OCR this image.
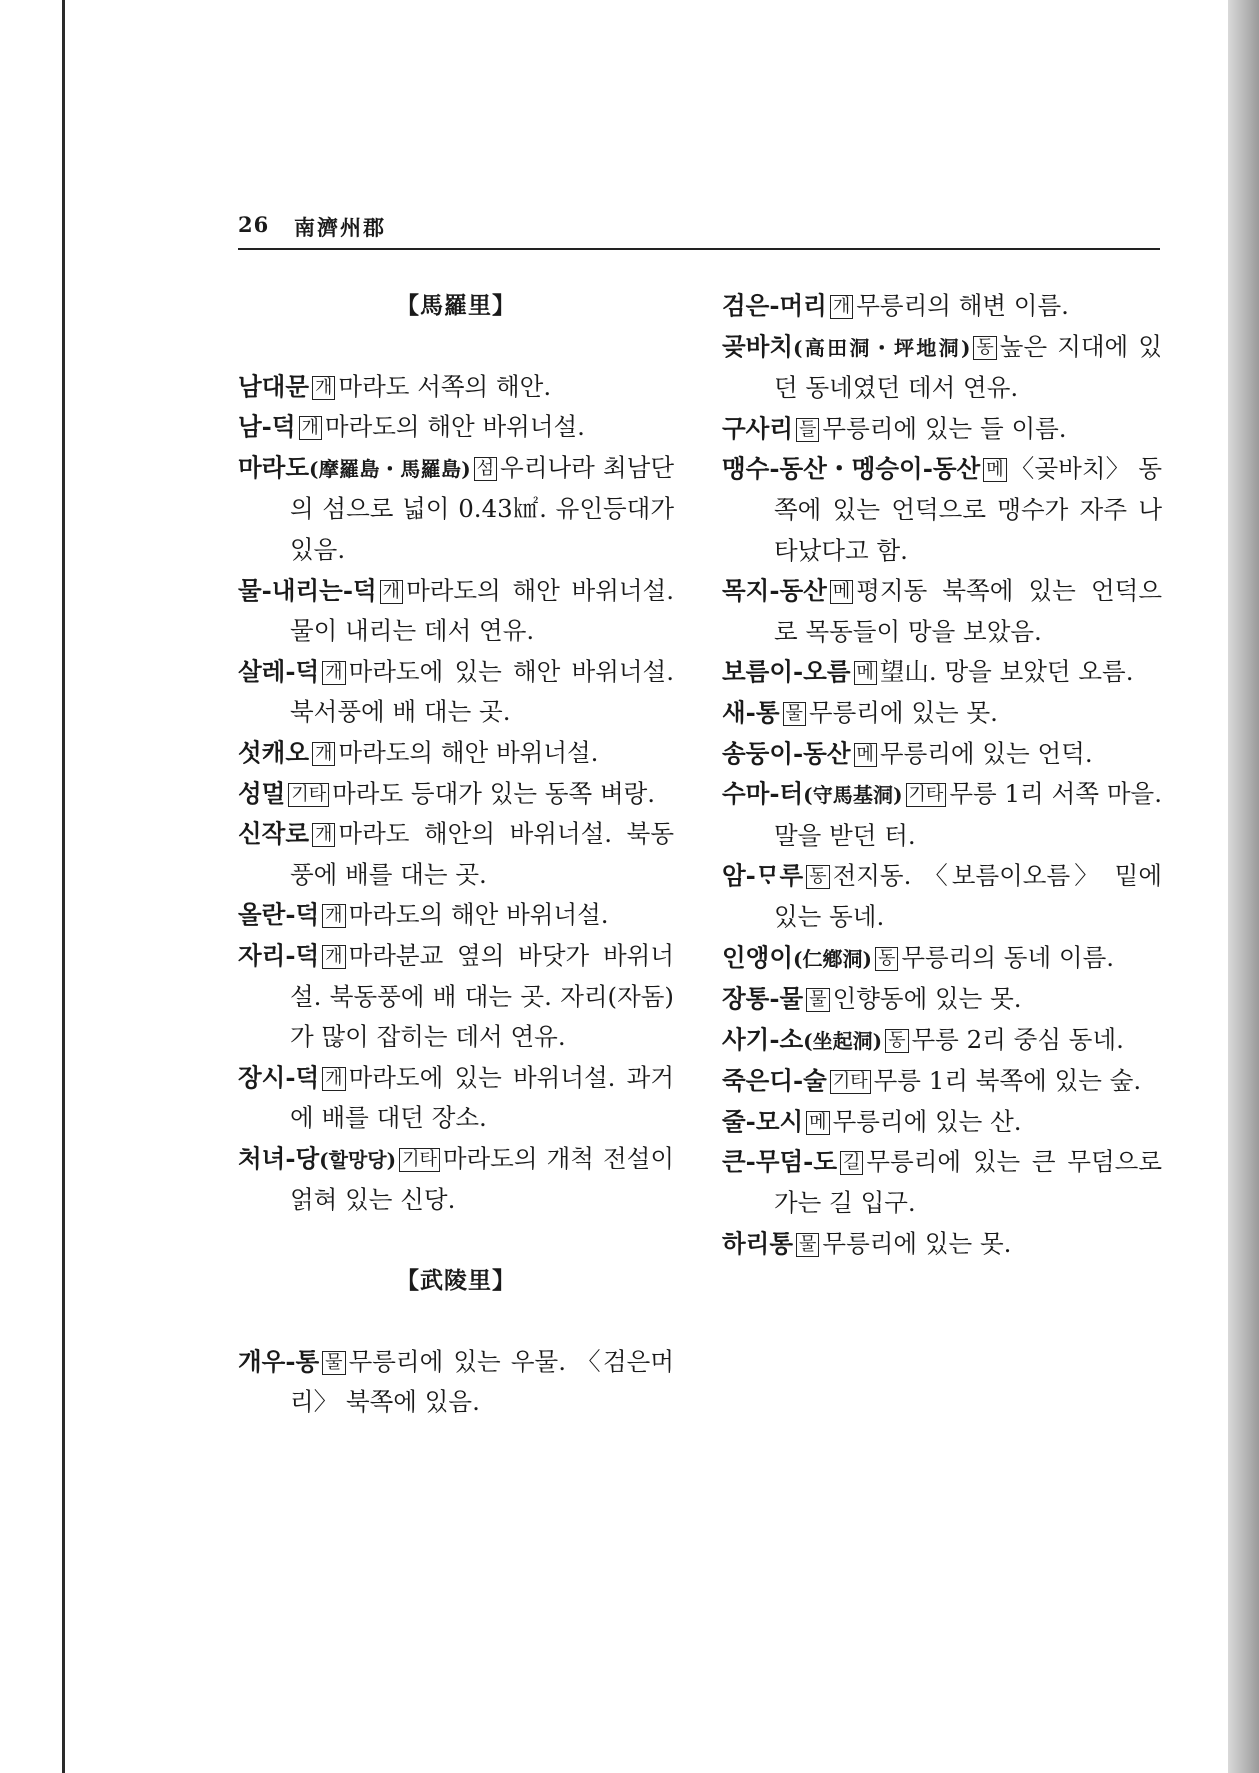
26 南濟州郡
【馬羅里】

남대문 개 마라도 서쪽의 해안.

남-덕 개 마라도의 해안 바위너설.

마라도(摩羅島・馬羅島) 섬 우리나라 최남단의 섬으로 넓이 0.43㎢. 유인등대가 있음.

물-내리는-덕 개 마라도의 해안 바위너설. 물이 내리는 데서 연유.

살레-덕 개 마라도에 있는 해안 바위너설. 북서풍에 배 대는 곳.

섯캐오 개 마라도의 해안 바위너설.

성멀 기타 마라도 등대가 있는 동쪽 벼랑.

신작로 개 마라도 해안의 바위너설. 북동풍에 배를 대는 곳.

올란-덕 개 마라도의 해안 바위너설.

자리-덕 개 마라분교 옆의 바닷가 바위너설. 북동풍에 배 대는 곳. 자리(자돔)가 많이 잡히는 데서 연유.

장시-덕 개 마라도에 있는 바위너설. 과거에 배를 대던 장소.

처녀-당(할망당) 기타 마라도의 개척 전설이 얽혀 있는 신당.

【武陵里】

개우-통 물 무릉리에 있는 우물. 〈검은머리〉 북쪽에 있음.

검은-머리 개 무릉리의 해변 이름.

곶바치(高田洞・坪地洞) 동 높은 지대에 있던 동네였던 데서 연유.

구사리 들 무릉리에 있는 들 이름.

맹수-동산・멩승이-동산 메 〈곶바치〉 동쪽에 있는 언덕으로 맹수가 자주 나타났다고 함.

목지-동산 메 평지동 북쪽에 있는 언덕으로 목동들이 망을 보았음.

보름이-오름 메 望山. 망을 보았던 오름.

새-통 물 무릉리에 있는 못.

송둥이-동산 메 무릉리에 있는 언덕.

수마-터(守馬基洞) 기타 무릉 1리 서쪽 마을. 말을 받던 터.

암-ᄆᆞ루 동 전지동. 〈보름이오름〉 밑에 있는 동네.

인앵이(仁鄕洞) 동 무릉리의 동네 이름.

장통-물 물 인향동에 있는 못.

사기-소(坐起洞) 동 무릉 2리 중심 동네.

죽은디-술 기타 무릉 1리 북쪽에 있는 숲.

줄-모시 메 무릉리에 있는 산.

큰-무덤-도 길 무릉리에 있는 큰 무덤으로 가는 길 입구.

하리통 물 무릉리에 있는 못.
